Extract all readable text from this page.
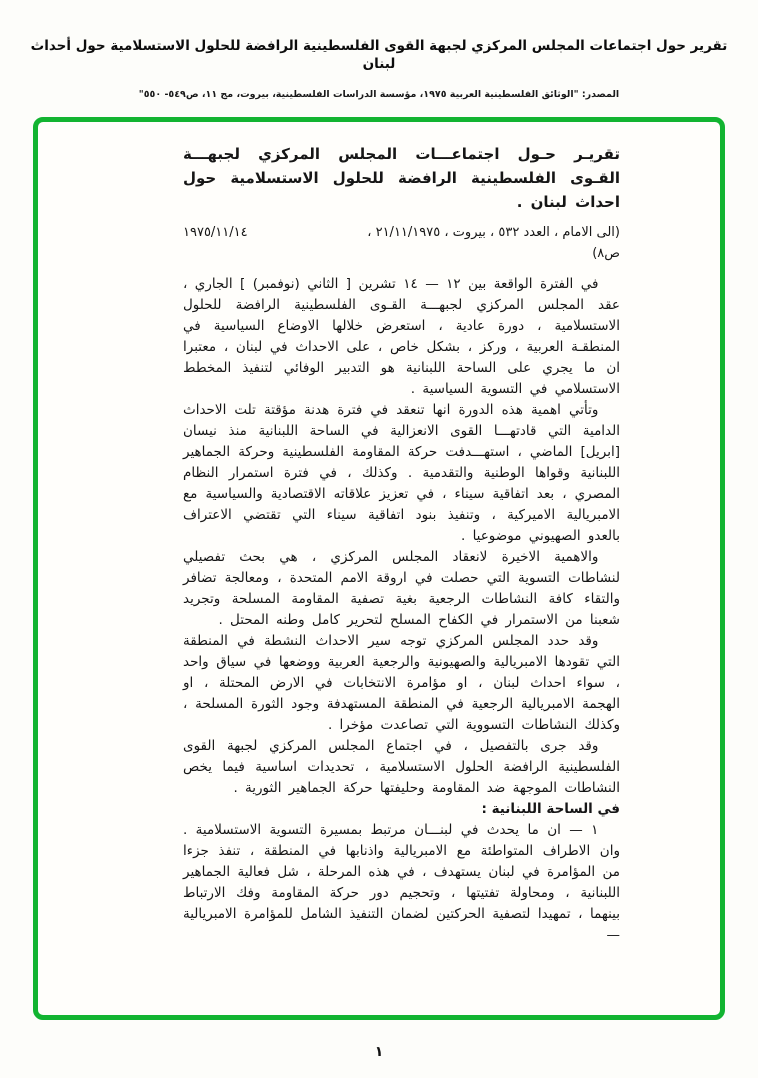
تقرير حول اجتماعات المجلس المركزي لجبهة القوى الفلسطينية الرافضة للحلول الاستسلامية حول أحداث لبنان
المصدر: "الوثائق الفلسطينية العربية ١٩٧٥، مؤسسة الدراسات الفلسطينية، بيروت، مج ١١، ص٥٤٩- ٥٥٠"
تقريـر حـول اجتماعـــات المجلس المركزي لجبهـــة القـوى الفلسطينية الرافضة للحلول الاستسلامية حول احداث لبنان .
(الى الامام ، العدد ٥٣٢ ، بيروت ، ٢١/١١/١٩٧٥ ، ص٨)
١٩٧٥/١١/١٤

في الفترة الواقعة بين ١٢ — ١٤ تشرين [ الثاني (نوفمبر) ] الجاري ، عقد المجلس المركزي لجبهـــة القـوى الفلسطينية الرافضة للحلول الاستسلامية ، دورة عادية ، استعرض خلالها الاوضاع السياسية في المنطقـة العربية ، وركز ، بشكل خاص ، على الاحداث في لبنان ، معتبرا ان ما يجري على الساحة اللبنانية هو التدبير الوفائي لتنفيذ المخطط الاستسلامي في التسوية السياسية .

وتأتي اهمية هذه الدورة انها تنعقد في فترة هدنة مؤقتة تلت الاحداث الدامية التي قادتهـــا القوى الانعزالية في الساحة اللبنانية منذ نيسان [ابريل] الماضي ، استهـــدفت حركة المقاومة الفلسطينية وحركة الجماهير اللبنانية وقواها الوطنية والتقدمية . وكذلك ، في فترة استمرار النظام المصري ، بعد اتفاقية سيناء ، في تعزيز علاقاته الاقتصادية والسياسية مع الامبريالية الاميركية ، وتنفيذ بنود اتفاقية سيناء التي تقتضي الاعتراف بالعدو الصهيوني موضوعيا .

والاهمية الاخيرة لانعقاد المجلس المركزي ، هي بحث تفصيلي لنشاطات التسوية التي حصلت في اروقة الامم المتحدة ، ومعالجة تضافر والتقاء كافة النشاطات الرجعية بغية تصفية المقاومة المسلحة وتجريد شعبنا من الاستمرار في الكفاح المسلح لتحرير كامل وطنه المحتل .

وقد حدد المجلس المركزي توجه سير الاحداث النشطة في المنطقة التي تقودها الامبريالية والصهيونية والرجعية العربية ووضعها في سياق واحد ، سواء احداث لبنان ، او مؤامرة الانتخابات في الارض المحتلة ، او الهجمة الامبريالية الرجعية في المنطقة المستهدفة وجود الثورة المسلحة ، وكذلك النشاطات التسووية التي تصاعدت مؤخرا .

وقد جرى بالتفصيل ، في اجتماع المجلس المركزي لجبهة القوى الفلسطينية الرافضة الحلول الاستسلامية ، تحديدات اساسية فيما يخص النشاطات الموجهة ضد المقاومة وحليفتها حركة الجماهير الثورية .

في الساحة اللبنانية :

١ — ان ما يحدث في لبنـــان مرتبط بمسيرة التسوية الاستسلامية . وان الاطراف المتواطئة مع الامبريالية واذنابها في المنطقة ، تنفذ جزءا من المؤامرة في لبنان يستهدف ، في هذه المرحلة ، شل فعالية الجماهير اللبنانية ، ومحاولة تفتيتها ، وتحجيم دور حركة المقاومة وفك الارتباط بينهما ، تمهيدا لتصفية الحركتين لضمان التنفيذ الشامل للمؤامرة الامبريالية —

١
